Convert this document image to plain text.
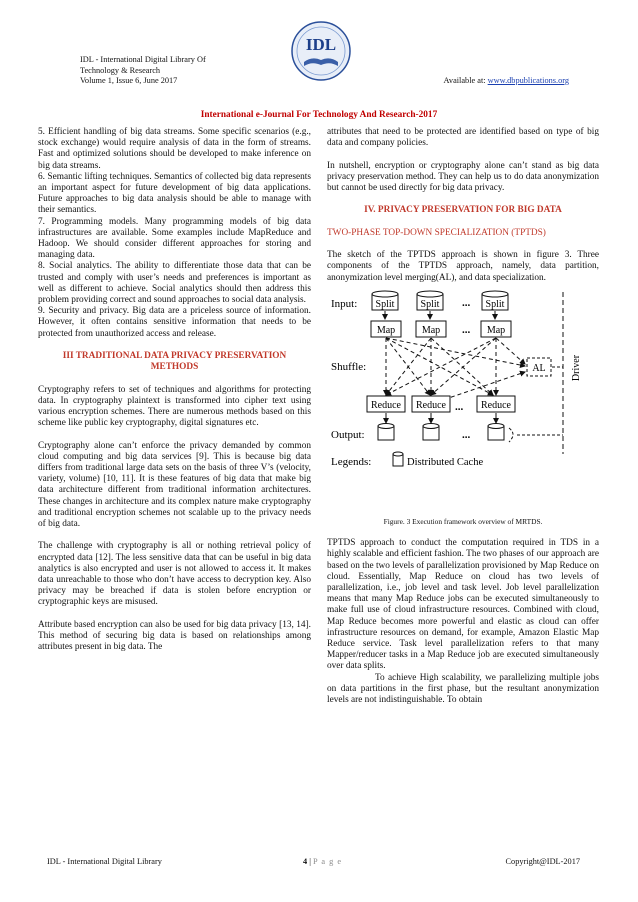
IDL - International Digital Library Of
Technology & Research
Volume 1, Issue 6, June 2017
IDL
Available at: www.dbpublications.org
International e-Journal For Technology And Research-2017

5. Efficient handling of big data streams. Some specific scenarios (e.g., stock exchange) would require analysis of data in the form of streams. Fast and optimized solutions should be developed to make inference on big data streams.

6. Semantic lifting techniques. Semantics of collected big data represents an important aspect for future development of big data applications. Future approaches to big data analysis should be able to manage with their semantics.

7. Programming models. Many programming models of big data infrastructures are available. Some examples include MapReduce and Hadoop. We should consider different approaches for storing and managing data.

8. Social analytics. The ability to differentiate those data that can be trusted and comply with user’s needs and preferences is important as well as different to achieve. Social analytics should then address this problem providing correct and sound approaches to social data analysis.

9. Security and privacy. Big data are a priceless source of information. However, it often contains sensitive information that needs to be protected from unauthorized access and release.

III TRADITIONAL DATA PRIVACY PRESERVATION METHODS

Cryptography refers to set of techniques and algorithms for protecting data. In cryptography plaintext is transformed into cipher text using various encryption schemes. There are numerous methods based on this scheme like public key cryptography, digital signatures etc.

Cryptography alone can’t enforce the privacy demanded by common cloud computing and big data services [9]. This is because big data differs from traditional large data sets on the basis of three V’s (velocity, variety, volume) [10, 11]. It is these features of big data that make big data architecture different from traditional information architectures. These changes in architecture and its complex nature make cryptography and traditional encryption schemes not scalable up to the privacy needs of big data.

The challenge with cryptography is all or nothing retrieval policy of encrypted data [12]. The less sensitive data that can be useful in big data analytics is also encrypted and user is not allowed to access it. It makes data unreachable to those who don’t have access to decryption key. Also privacy may be breached if data is stolen before encryption or cryptographic keys are misused.

Attribute based encryption can also be used for big data privacy [13, 14]. This method of securing big data is based on relationships among attributes present in big data. The

attributes that need to be protected are identified based on type of big data and company policies.

In nutshell, encryption or cryptography alone can’t stand as big data privacy preservation method. They can help us to do data anonymization but cannot be used directly for big data privacy.

IV. PRIVACY PRESERVATION FOR BIG DATA

TWO-PHASE TOP-DOWN SPECIALIZATION (TPTDS)

The sketch of the TPTDS approach is shown in figure 3. Three components of the TPTDS approach, namely, data partition, anonymization level merging(AL), and data specialization.

Input:
Shuffle:
Output:
Legends:
Split	Split ... Split
Map	Map ... Map
AL	Driver
Reduce Reduce ... Reduce
...
Distributed Cache

Figure. 3 Execution framework overview of MRTDS.

TPTDS approach to conduct the computation required in TDS in a highly scalable and efficient fashion. The two phases of our approach are based on the two levels of parallelization provisioned by Map Reduce on cloud. Essentially, Map Reduce on cloud has two levels of parallelization, i.e., job level and task level. Job level parallelization means that many Map Reduce jobs can be executed simultaneously to make full use of cloud infrastructure resources. Combined with cloud, Map Reduce becomes more powerful and elastic as cloud can offer infrastructure resources on demand, for example, Amazon Elastic Map Reduce service. Task level parallelization refers to that many Mapper/reducer tasks in a Map Reduce job are executed simultaneously over data splits.

To achieve High scalability, we parallelizing multiple jobs on data partitions in the first phase, but the resultant anonymization levels are not indistinguishable. To obtain

IDL - International Digital Library	4 | P a g e	Copyright@IDL-2017
